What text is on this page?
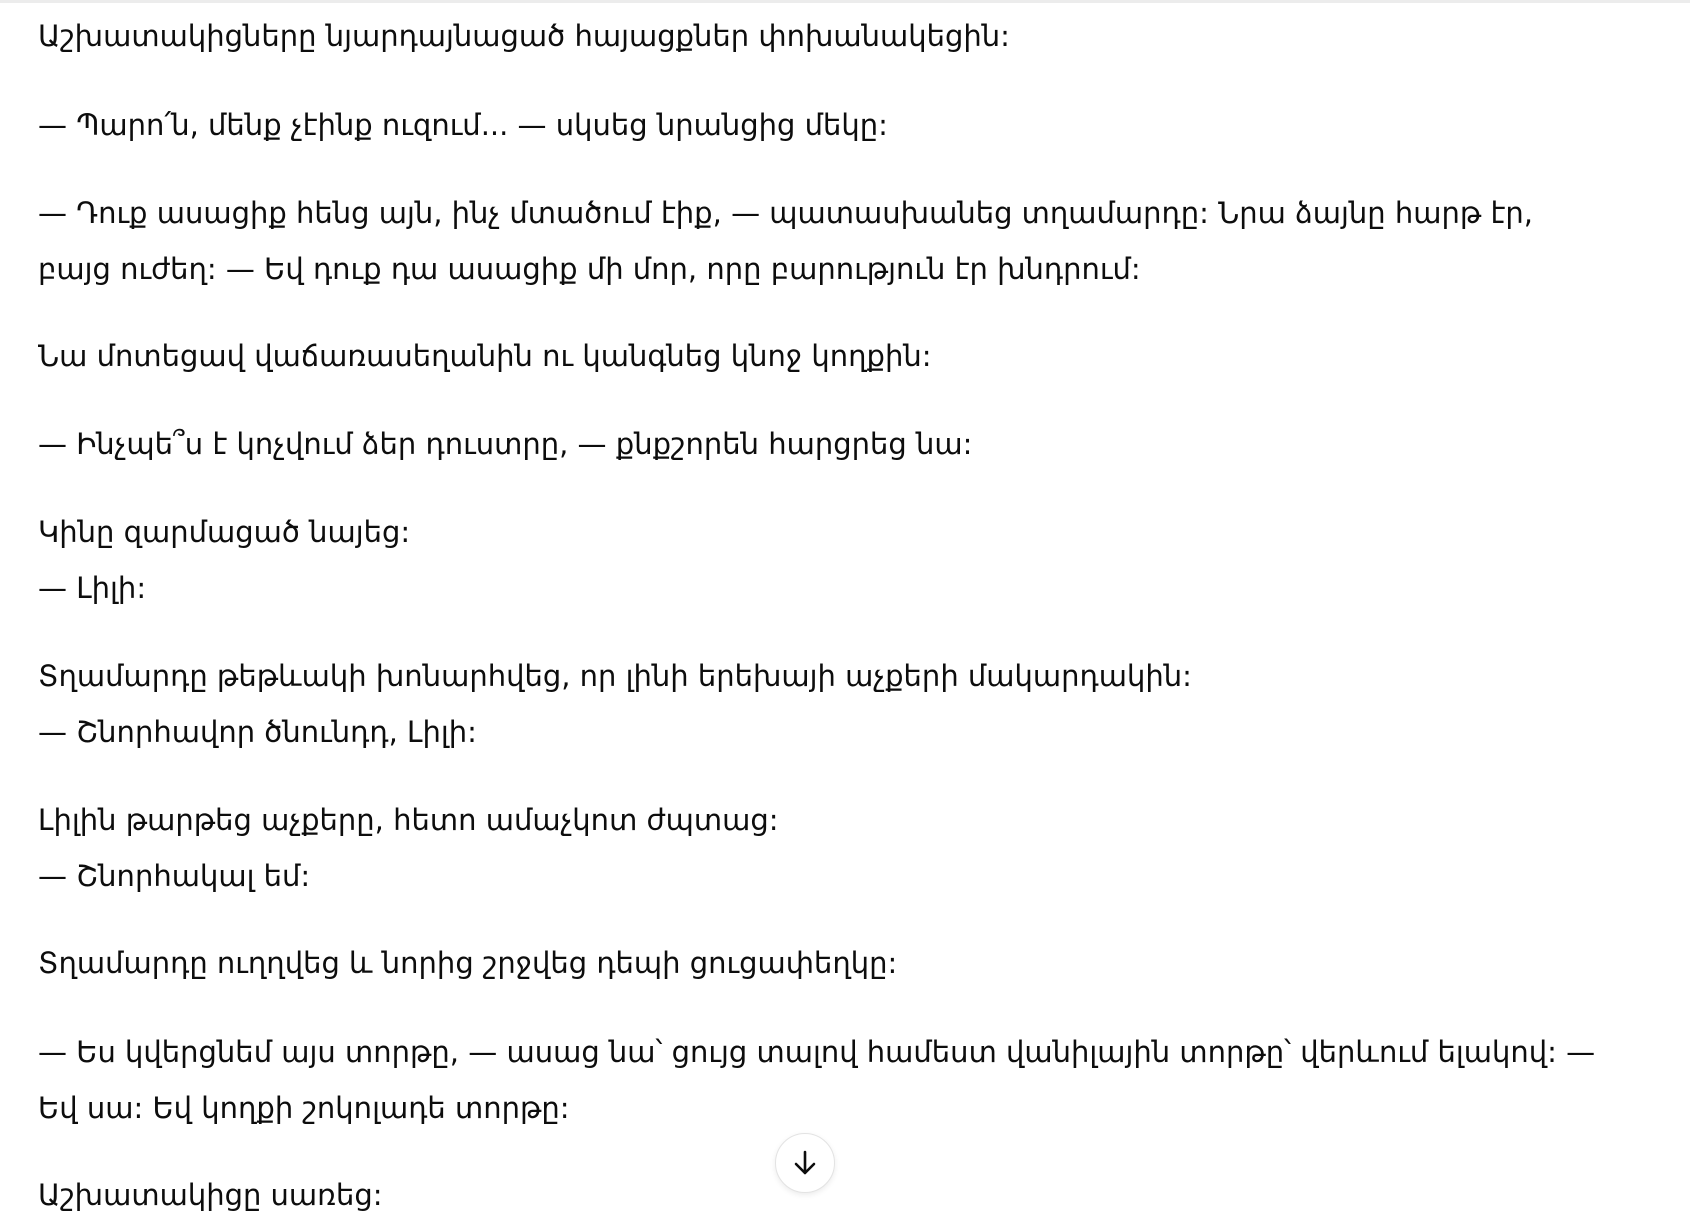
Աշխատակիցները նյարդայնացած հայացքներ փոխանակեցին:

— Պարո՛ն, մենք չէինք ուզում... — սկսեց նրանցից մեկը:

— Դուք ասացիք հենց այն, ինչ մտածում էիք, — պատասխանեց տղամարդը: Նրա ձայնը հարթ էր,
բայց ուժեղ: — Եվ դուք դա ասացիք մի մոր, որը բարություն էր խնդրում:

Նա մոտեցավ վաճառասեղանին ու կանգնեց կնոջ կողքին:

— Ինչպե՞ս է կոչվում ձեր դուստրը, — քնքշորեն հարցրեց նա:

Կինը զարմացած նայեց:
— Լիլի:

Տղամարդը թեթևակի խոնարհվեց, որ լինի երեխայի աչքերի մակարդակին:
— Շնորհավոր ծնունդդ, Լիլի:

Լիլին թարթեց աչքերը, հետո ամաչկոտ ժպտաց:
— Շնորհակալ եմ:

Տղամարդը ուղղվեց և նորից շրջվեց դեպի ցուցափեղկը:

— Ես կվերցնեմ այս տորթը, — ասաց նա՝ ցույց տալով համեստ վանիլային տորթը՝ վերևում ելակով: —
Եվ սա: Եվ կողքի շոկոլադե տորթը:

Աշխատակիցը սառեց:
